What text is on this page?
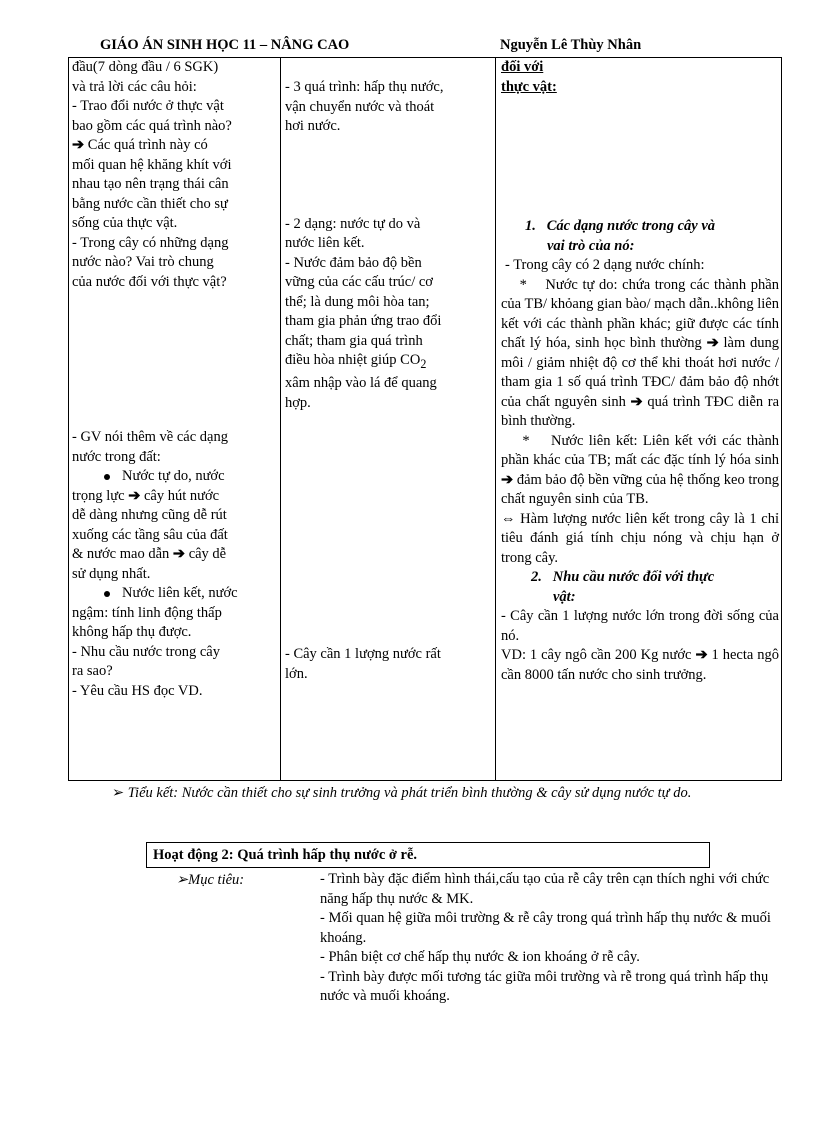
GIÁO ÁN SINH HỌC 11 – NÂNG CAO	Nguyễn Lê Thùy Nhân
đầu(7 dòng đầu / 6 SGK)
và trả lời các câu hỏi:
- Trao đổi nước ở thực vật
bao gồm các quá trình nào?
➔ Các quá trình này có
mối quan hệ khăng khít với
nhau tạo nên trạng thái cân
bằng nước cần thiết cho sự
sống của thực vật.
- Trong cây có những dạng
nước nào? Vai trò chung
của nước đối với thực vật?
- GV nói thêm về các dạng
nước trong đất:
Nước tự do, nước
trọng lực ➔ cây hút nước
dễ dàng nhưng cũng dễ rút
xuống các tầng sâu của đất
& nước mao dẫn ➔ cây dễ
sử dụng nhất.
Nước liên kết, nước
ngậm: tính linh động thấp
không hấp thụ được.
- Nhu cầu nước trong cây
ra sao?
- Yêu cầu HS đọc VD.
- 3 quá trình: hấp thụ nước,
vận chuyển nước và thoát
hơi nước.
- 2 dạng: nước tự do và
nước liên kết.
- Nước đảm bảo độ bền
vững của các cấu trúc/ cơ
thể; là dung môi hòa tan;
tham gia phản ứng trao đổi
chất; tham gia quá trình
điều hòa nhiệt giúp $CO_2$
xâm nhập vào lá để quang
hợp.
- Cây cần 1 lượng nước rất
lớn.
đối với
thực vật:
1. Các dạng nước trong cây và
vai trò của nó:
- Trong cây có 2 dạng nước chính:
* Nước tự do: chứa trong các thành phần của TB/ khỏang gian bào/ mạch dẫn..không liên kết với các thành phần khác; giữ được các tính chất lý hóa, sinh học bình thường ➔ làm dung môi / giảm nhiệt độ cơ thể khi thoát hơi nước / tham gia 1 số quá trình TĐC/ đảm bảo độ nhớt của chất nguyên sinh ➔ quá trình TĐC diễn ra bình thường.
* Nước liên kết: Liên kết với các thành phần khác của TB; mất các đặc tính lý hóa sinh ➔ đảm bảo độ bền vững của hệ thống keo trong chất nguyên sinh của TB.
⇔ Hàm lượng nước liên kết trong cây là 1 chỉ tiêu đánh giá tính chịu nóng và chịu hạn ở trong cây.
2. Nhu cầu nước đối với thực
vật:
- Cây cần 1 lượng nước lớn trong đời sống của nó.
VD: 1 cây ngô cần 200 Kg nước ➔ 1 hecta ngô cần 8000 tấn nước cho sinh trưởng.
➢ Tiểu kết: Nước cần thiết cho sự sinh trưởng và phát triển bình thường & cây sử dụng nước tự do.
Hoạt động 2: Quá trình hấp thụ nước ở rễ.
➢Mục tiêu:	- Trình bày đặc điểm hình thái,cấu tạo của rễ cây trên cạn thích nghi với chức năng hấp thụ nước & MK.

- Mối quan hệ giữa môi trường & rễ cây trong quá trình hấp thụ nước & muối khoáng.

- Phân biệt cơ chế hấp thụ nước & ion khoáng ở rễ cây.

- Trình bày được mối tương tác giữa môi trường và rễ trong quá trình hấp thụ nước và muối khoáng.
